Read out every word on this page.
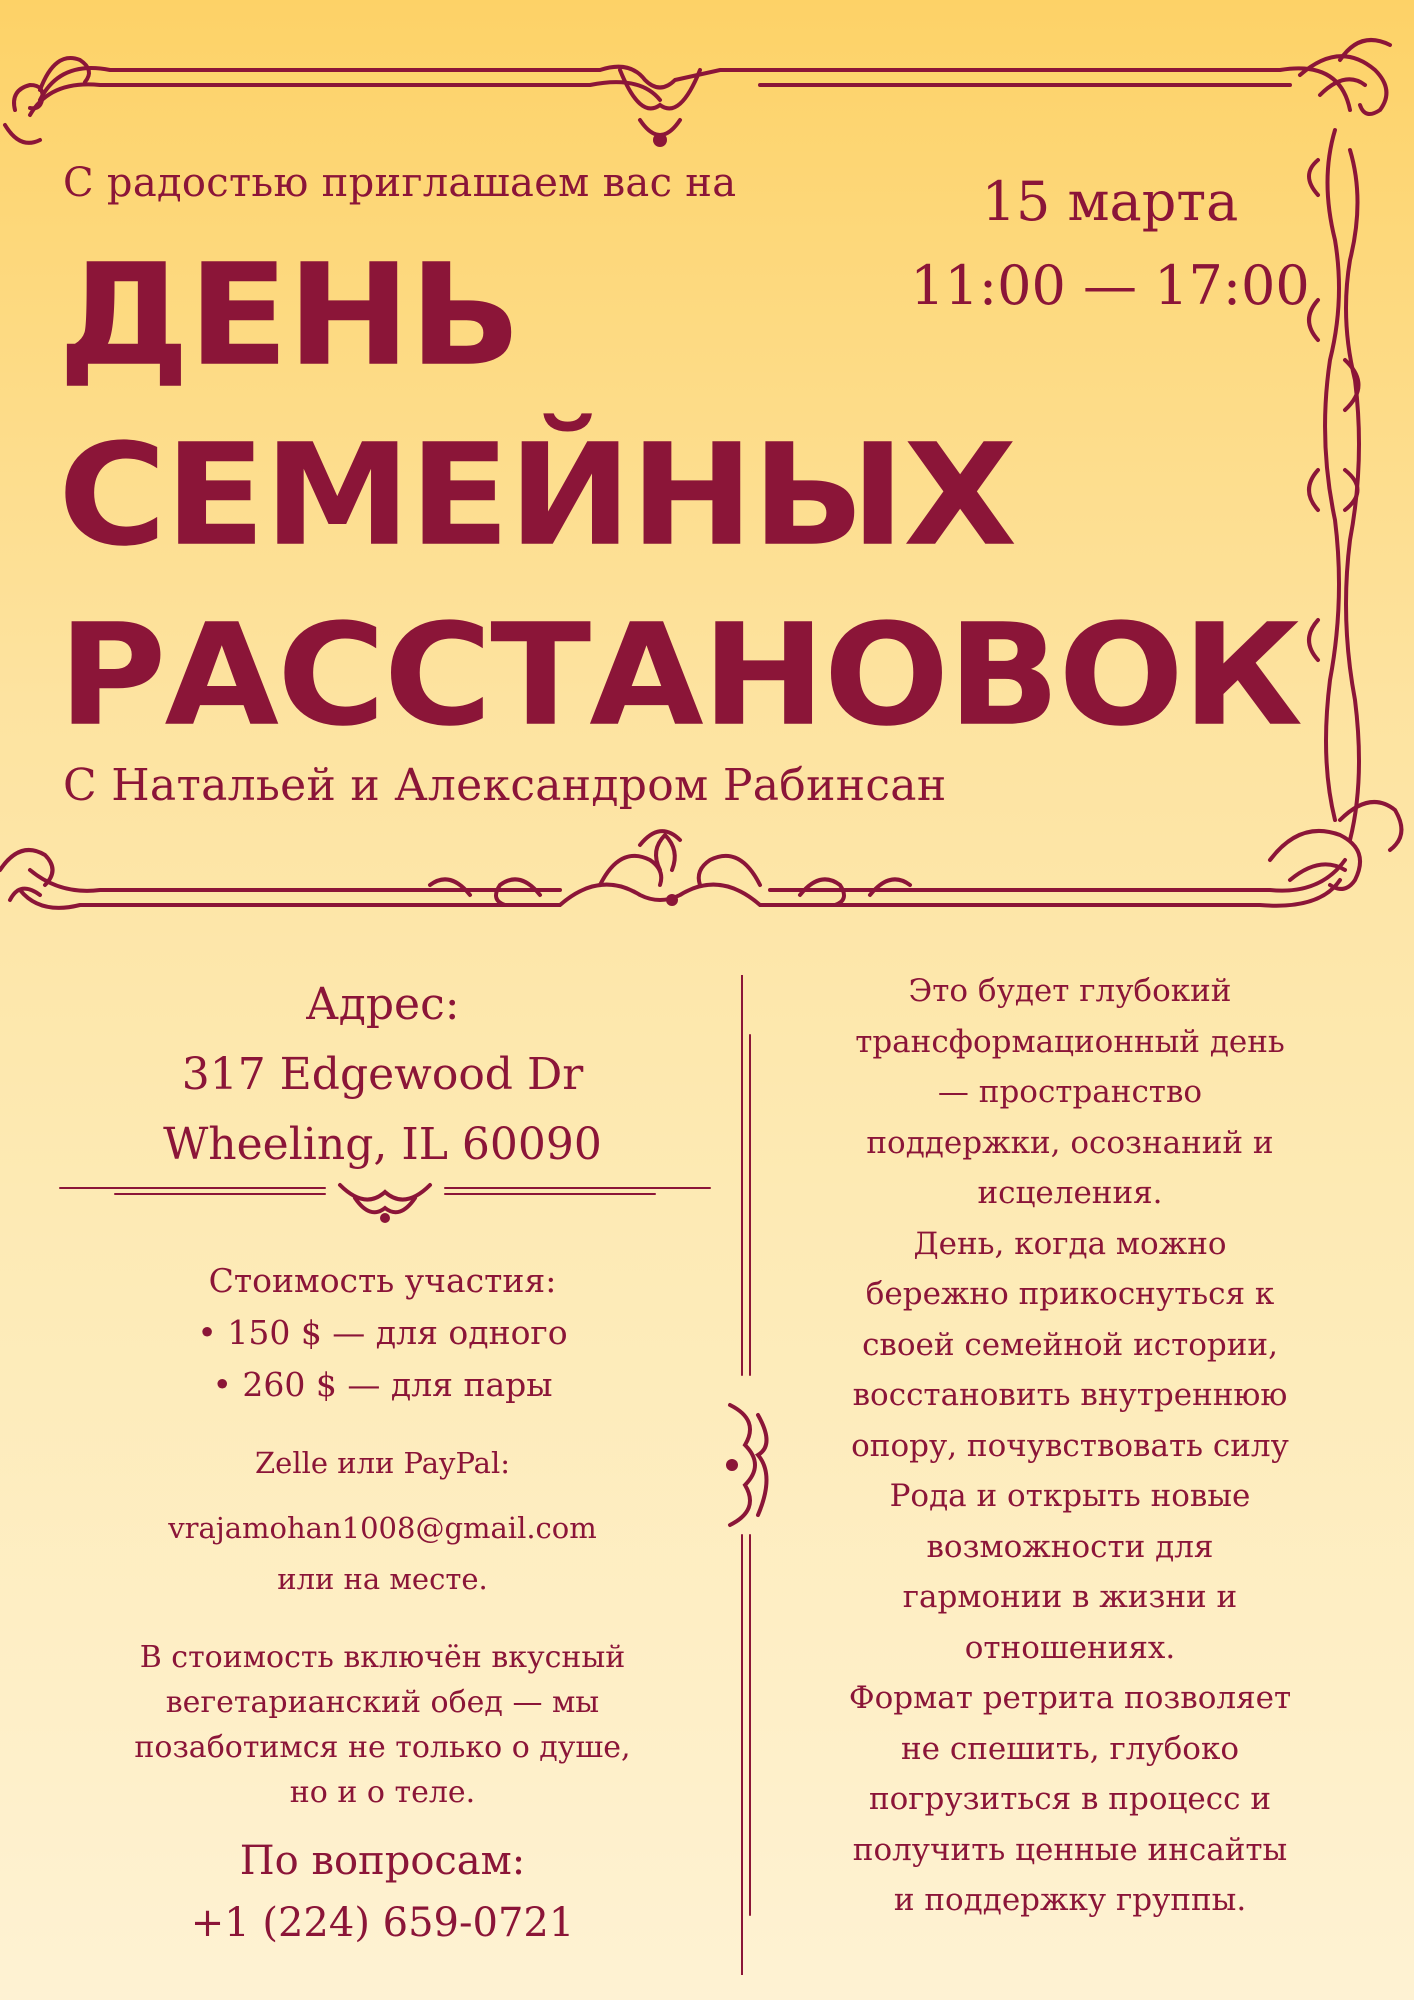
С радостью приглашаем вас на	15 марта
11:00 — 17:00
ДЕНЬ
СЕМЕЙНЫХ
РАССТАНОВОК
С Натальей и Александром Рабинсан
Адрес:
317 Edgewood Dr
Wheeling, IL 60090
Стоимость участия:
• 150 $ — для одного
• 260 $ — для пары
Zelle или PayPal:
vrajamohan1008@gmail.com
или на месте.
В стоимость включён вкусный
вегетарианский обед — мы
позаботимся не только о душе,
но и о теле.
По вопросам:
+1 (224) 659-0721

Это будет глубокий

трансформационный день

— пространство

поддержки, осознаний и

исцеления.

День, когда можно

бережно прикоснуться к

своей семейной истории,

восстановить внутреннюю

опору, почувствовать силу

Рода и открыть новые

возможности для

гармонии в жизни и

отношениях.

Формат ретрита позволяет

не спешить, глубоко

погрузиться в процесс и

получить ценные инсайты

и поддержку группы.
